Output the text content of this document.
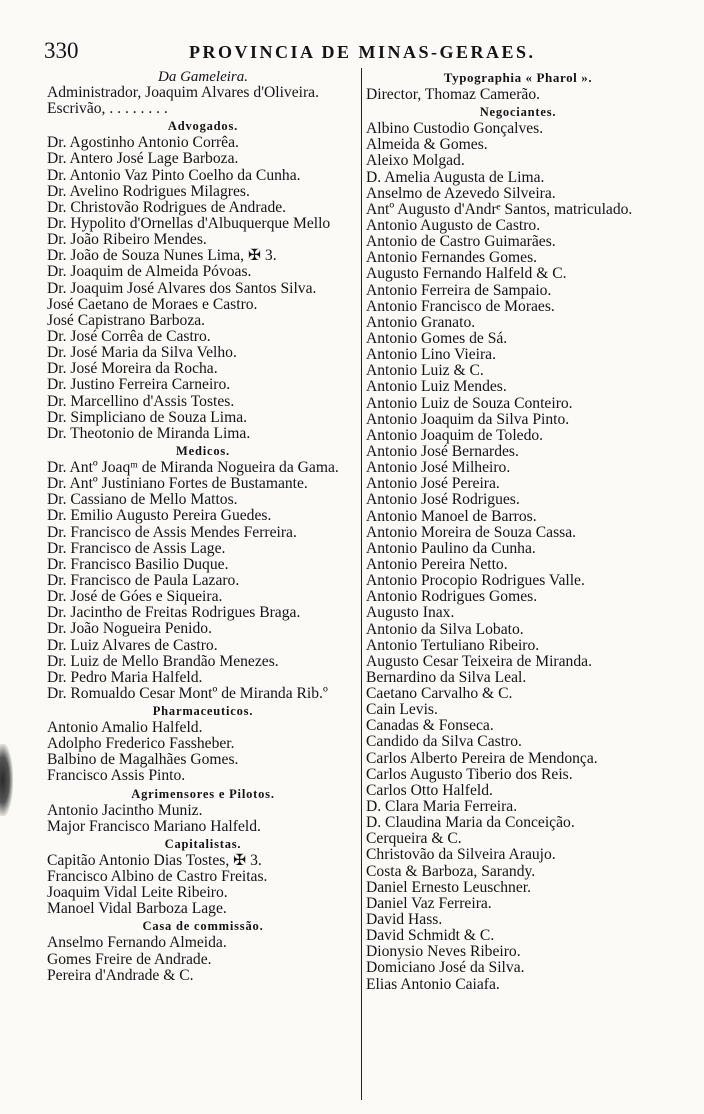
330	PROVINCIA DE MINAS-GERAES.
Da Gameleira.
Administrador, Joaquim Alvares d'Oliveira.
Escrivão, . . . . . . . .
Advogados.
Dr. Agostinho Antonio Corrêa.
Dr. Antero José Lage Barboza.
Dr. Antonio Vaz Pinto Coelho da Cunha.
Dr. Avelino Rodrigues Milagres.
Dr. Christovão Rodrigues de Andrade.
Dr. Hypolito d'Ornellas d'Albuquerque Mello
Dr. João Ribeiro Mendes.
Dr. João de Souza Nunes Lima, ✠ 3.
Dr. Joaquim de Almeida Póvoas.
Dr. Joaquim José Alvares dos Santos Silva.
José Caetano de Moraes e Castro.
José Capistrano Barboza.
Dr. José Corrêa de Castro.
Dr. José Maria da Silva Velho.
Dr. José Moreira da Rocha.
Dr. Justino Ferreira Carneiro.
Dr. Marcellino d'Assis Tostes.
Dr. Simpliciano de Souza Lima.
Dr. Theotonio de Miranda Lima.
Medicos.
Dr. Antº Joaqᵐ de Miranda Nogueira da Gama.
Dr. Antº Justiniano Fortes de Bustamante.
Dr. Cassiano de Mello Mattos.
Dr. Emilio Augusto Pereira Guedes.
Dr. Francisco de Assis Mendes Ferreira.
Dr. Francisco de Assis Lage.
Dr. Francisco Basilio Duque.
Dr. Francisco de Paula Lazaro.
Dr. José de Góes e Siqueira.
Dr. Jacintho de Freitas Rodrigues Braga.
Dr. João Nogueira Penido.
Dr. Luiz Alvares de Castro.
Dr. Luiz de Mello Brandão Menezes.
Dr. Pedro Maria Halfeld.
Dr. Romualdo Cesar Montº de Miranda Rib.º
Pharmaceuticos.
Antonio Amalio Halfeld.
Adolpho Frederico Fassheber.
Balbino de Magalhães Gomes.
Francisco Assis Pinto.
Agrimensores e Pilotos.
Antonio Jacintho Muniz.
Major Francisco Mariano Halfeld.
Capitalistas.
Capitão Antonio Dias Tostes, ✠ 3.
Francisco Albino de Castro Freitas.
Joaquim Vidal Leite Ribeiro.
Manoel Vidal Barboza Lage.
Casa de commissão.
Anselmo Fernando Almeida.
Gomes Freire de Andrade.
Pereira d'Andrade & C.
Typographia « Pharol ».
Director, Thomaz Camerão.
Negociantes.
Albino Custodio Gonçalves.
Almeida & Gomes.
Aleixo Molgad.
D. Amelia Augusta de Lima.
Anselmo de Azevedo Silveira.
Antº Augusto d'Andrᵉ Santos, matriculado.
Antonio Augusto de Castro.
Antonio de Castro Guimarães.
Antonio Fernandes Gomes.
Augusto Fernando Halfeld & C.
Antonio Ferreira de Sampaio.
Antonio Francisco de Moraes.
Antonio Granato.
Antonio Gomes de Sá.
Antonio Lino Vieira.
Antonio Luiz & C.
Antonio Luiz Mendes.
Antonio Luiz de Souza Conteiro.
Antonio Joaquim da Silva Pinto.
Antonio Joaquim de Toledo.
Antonio José Bernardes.
Antonio José Milheiro.
Antonio José Pereira.
Antonio José Rodrigues.
Antonio Manoel de Barros.
Antonio Moreira de Souza Cassa.
Antonio Paulino da Cunha.
Antonio Pereira Netto.
Antonio Procopio Rodrigues Valle.
Antonio Rodrigues Gomes.
Augusto Inax.
Antonio da Silva Lobato.
Antonio Tertuliano Ribeiro.
Augusto Cesar Teixeira de Miranda.
Bernardino da Silva Leal.
Caetano Carvalho & C.
Cain Levis.
Canadas & Fonseca.
Candido da Silva Castro.
Carlos Alberto Pereira de Mendonça.
Carlos Augusto Tiberio dos Reis.
Carlos Otto Halfeld.
D. Clara Maria Ferreira.
D. Claudina Maria da Conceição.
Cerqueira & C.
Christovão da Silveira Araujo.
Costa & Barboza, Sarandy.
Daniel Ernesto Leuschner.
Daniel Vaz Ferreira.
David Hass.
David Schmidt & C.
Dionysio Neves Ribeiro.
Domiciano José da Silva.
Elias Antonio Caiafa.
